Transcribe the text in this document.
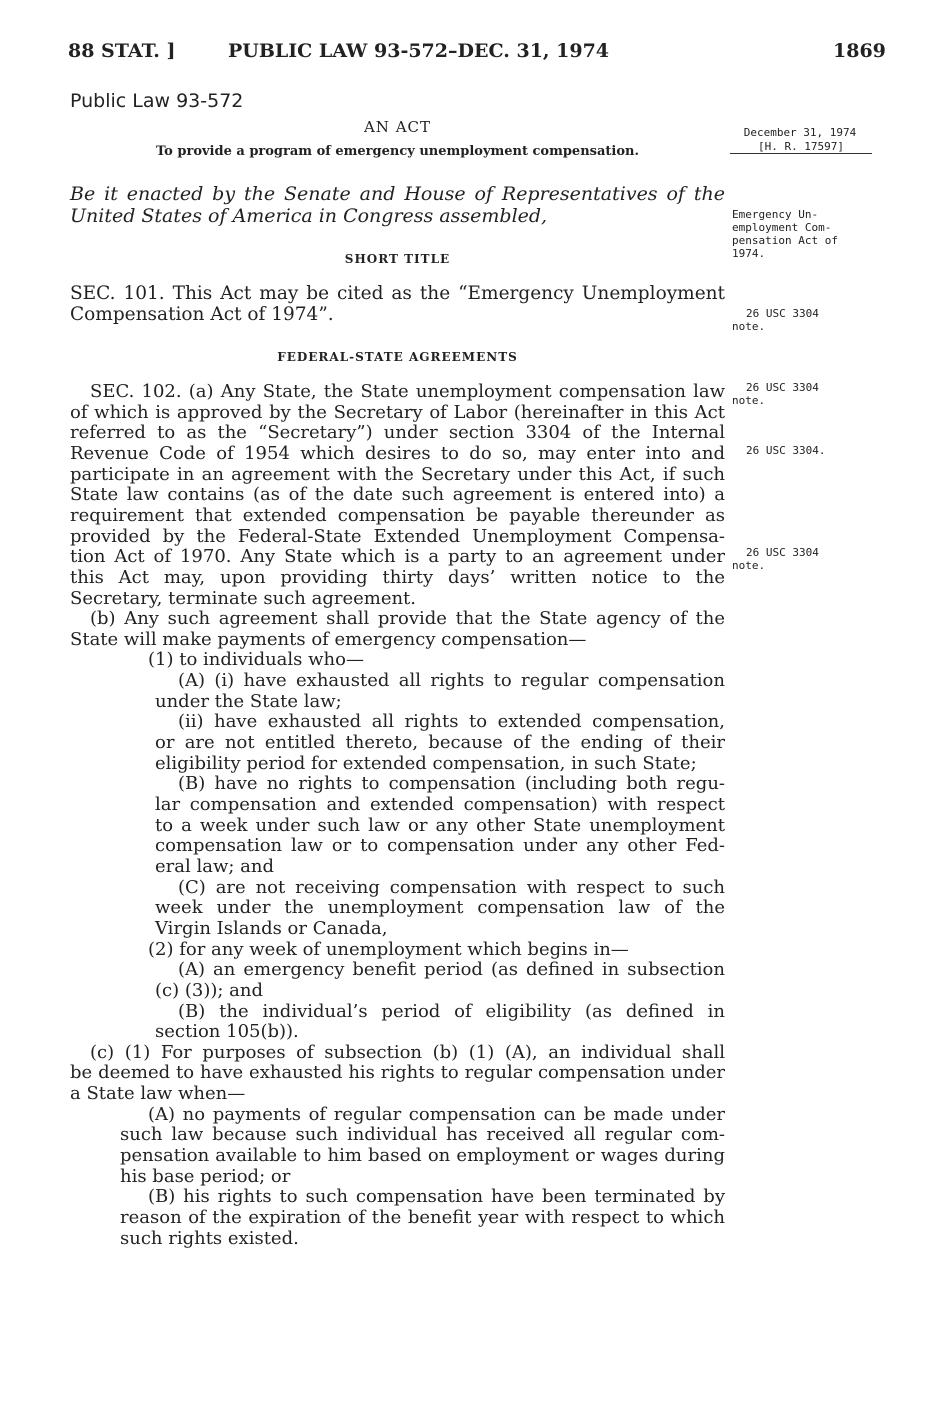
88 STAT. ]	PUBLIC LAW 93-572–DEC. 31, 1974	1869
Public Law 93-572
AN ACT
To provide a program of emergency unemployment compensation.
Be it enacted by the Senate and House of Representatives of the United States of America in Congress assembled,
SHORT TITLE
SEC. 101. This Act may be cited as the “Emergency Unemployment Compensation Act of 1974”.
FEDERAL-STATE AGREEMENTS
SEC. 102. (a) Any State, the State unemployment compensation law
of which is approved by the Secretary of Labor (hereinafter in this Act
referred to as the “Secretary”) under section 3304 of the Internal
Revenue Code of 1954 which desires to do so, may enter into and
participate in an agreement with the Secretary under this Act, if such
State law contains (as of the date such agreement is entered into) a
requirement that extended compensation be payable thereunder as
provided by the Federal-State Extended Unemployment Compensa-
tion Act of 1970. Any State which is a party to an agreement under
this Act may, upon providing thirty days’ written notice to the
Secretary, terminate such agreement.
(b) Any such agreement shall provide that the State agency of the
State will make payments of emergency compensation—
(1) to individuals who—
(A) (i) have exhausted all rights to regular compensation
under the State law;
(ii) have exhausted all rights to extended compensation,
or are not entitled thereto, because of the ending of their
eligibility period for extended compensation, in such State;
(B) have no rights to compensation (including both regu-
lar compensation and extended compensation) with respect
to a week under such law or any other State unemployment
compensation law or to compensation under any other Fed-
eral law; and
(C) are not receiving compensation with respect to such
week under the unemployment compensation law of the
Virgin Islands or Canada,
(2) for any week of unemployment which begins in—
(A) an emergency benefit period (as defined in subsection
(c) (3)); and
(B) the individual’s period of eligibility (as defined in
section 105(b)).
(c) (1) For purposes of subsection (b) (1) (A), an individual shall
be deemed to have exhausted his rights to regular compensation under
a State law when—
(A) no payments of regular compensation can be made under
such law because such individual has received all regular com-
pensation available to him based on employment or wages during
his base period; or
(B) his rights to such compensation have been terminated by
reason of the expiration of the benefit year with respect to which
such rights existed.
December 31, 1974
[H. R. 17597]
Emergency Un-
employment Com-
pensation Act of
1974.
26 USC 3304
note.
26 USC 3304
note.
26 USC 3304.
26 USC 3304
note.
